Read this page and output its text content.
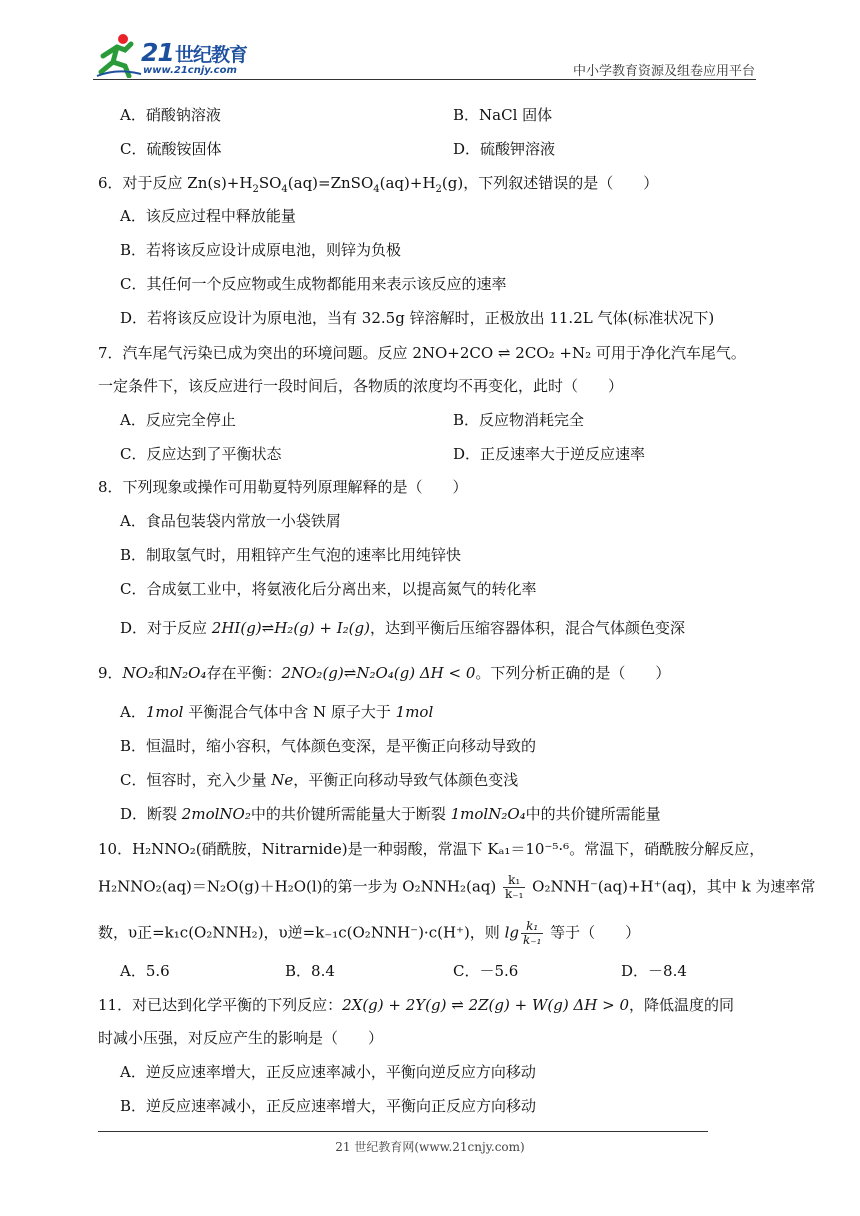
21 世纪教育
www.21cnjy.com	中小学教育资源及组卷应用平台
A．硝酸钠溶液	B．NaCl 固体
C．硫酸铵固体	D．硫酸钾溶液
6．对于反应 $Zn(s)+H_2SO_4(aq)=ZnSO_4(aq)+H_2(g)$，下列叙述错误的是（　　）
A．该反应过程中释放能量
B．若将该反应设计成原电池，则锌为负极
C．其任何一个反应物或生成物都能用来表示该反应的速率
D．若将该反应设计为原电池，当有 32.5g 锌溶解时，正极放出 11.2L 气体(标准状况下)
7．汽车尾气污染已成为突出的环境问题。反应 2NO+2CO ⇌ 2CO₂ +N₂ 可用于净化汽车尾气。
一定条件下，该反应进行一段时间后，各物质的浓度均不再变化，此时（　　）
A．反应完全停止	B．反应物消耗完全
C．反应达到了平衡状态	D．正反速率大于逆反应速率
8．下列现象或操作可用勒夏特列原理解释的是（　　）
A．食品包装袋内常放一小袋铁屑
B．制取氢气时，用粗锌产生气泡的速率比用纯锌快
C．合成氨工业中，将氨液化后分离出来，以提高氮气的转化率
D．对于反应 2HI(g)⇌H₂(g) + I₂(g)，达到平衡后压缩容器体积，混合气体颜色变深
9．NO₂和N₂O₄存在平衡：2NO₂(g)⇌N₂O₄(g) ΔH < 0。下列分析正确的是（　　）
A．1mol 平衡混合气体中含 N 原子大于 1mol
B．恒温时，缩小容积，气体颜色变深，是平衡正向移动导致的
C．恒容时，充入少量 Ne，平衡正向移动导致气体颜色变浅
D．断裂 2molNO₂中的共价键所需能量大于断裂 1molN₂O₄中的共价键所需能量
10．H₂NNO₂(硝酰胺，Nitrarnide)是一种弱酸，常温下 Kₐ₁＝10⁻⁵·⁶。常温下，硝酰胺分解反应，
H₂NNO₂(aq)＝N₂O(g)＋H₂O(l)的第一步为 $O_2NNH_2(aq) \frac{\text{k₁}}{\text{k₋₁}} O_2NNH^-(aq)+H^+(aq)$，其中 k 为速率常
数，υ正=k₁c(O₂NNH₂)，υ逆=k₋₁c(O₂NNH⁻)·c(H⁺)，则 $\lg \frac{\text{k₁}}{\text{k₋₁}}$ 等于（　　）
A．5.6	B．8.4	C．－5.6	D．－8.4
11．对已达到化学平衡的下列反应：2X(g) + 2Y(g) ⇌ 2Z(g) + W(g) ΔH > 0，降低温度的同
时减小压强，对反应产生的影响是（　　）
A．逆反应速率增大，正反应速率减小，平衡向逆反应方向移动
B．逆反应速率减小，正反应速率增大，平衡向正反应方向移动
21 世纪教育网(www.21cnjy.com)
